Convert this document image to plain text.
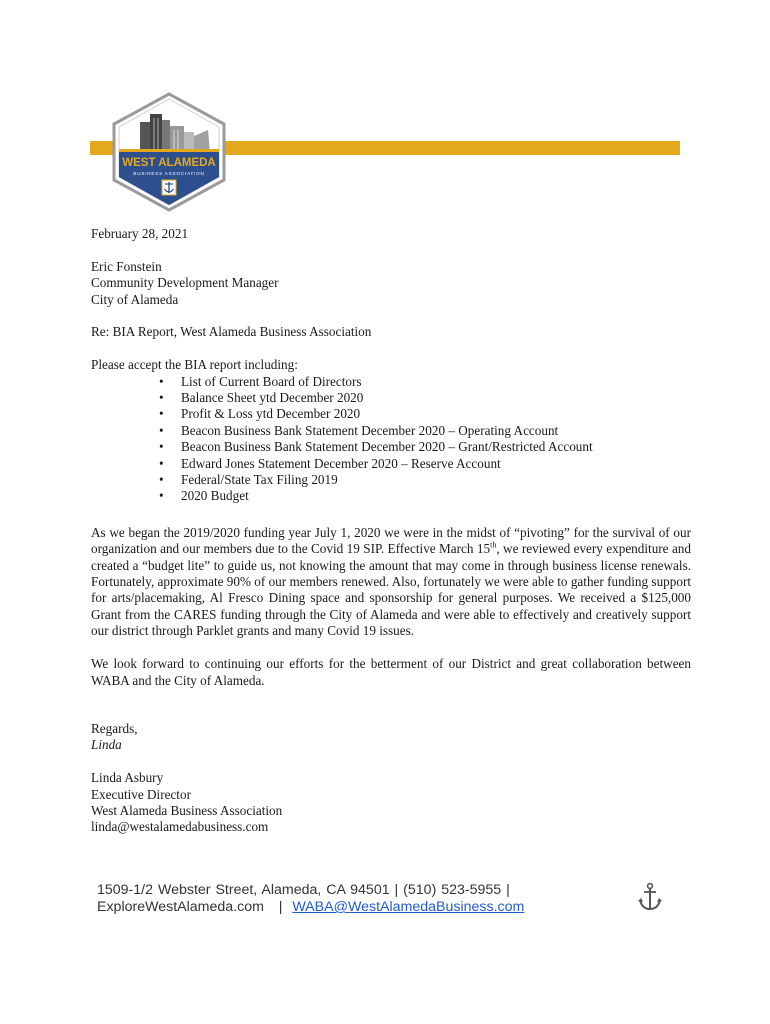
WEST ALAMEDA
BUSINESS ASSOCIATION

February 28, 2021

Eric Fonstein

Community Development Manager

City of Alameda

Re: BIA Report, West Alameda Business Association

Please accept the BIA report including:

• List of Current Board of Directors
• Balance Sheet ytd December 2020
• Profit & Loss ytd December 2020
• Beacon Business Bank Statement December 2020 – Operating Account
• Beacon Business Bank Statement December 2020 – Grant/Restricted Account
• Edward Jones Statement December 2020 – Reserve Account
• Federal/State Tax Filing 2019
• 2020 Budget

As we began the 2019/2020 funding year July 1, 2020 we were in the midst of “pivoting” for the survival of our organization and our members due to the Covid 19 SIP. Effective March 15th, we reviewed every expenditure and created a “budget lite” to guide us, not knowing the amount that may come in through business license renewals. Fortunately, approximate 90% of our members renewed. Also, fortunately we were able to gather funding support for arts/placemaking, Al Fresco Dining space and sponsorship for general purposes. We received a $125,000 Grant from the CARES funding through the City of Alameda and were able to effectively and creatively support our district through Parklet grants and many Covid 19 issues.

We look forward to continuing our efforts for the betterment of our District and great collaboration between WABA and the City of Alameda.

Regards,

Linda

Linda Asbury

Executive Director

West Alameda Business Association

linda@westalamedabusiness.com

1509-1/2 Webster Street, Alameda, CA 94501 | (510) 523-5955 |
ExploreWestAlameda.com   |  WABA@WestAlamedaBusiness.com
